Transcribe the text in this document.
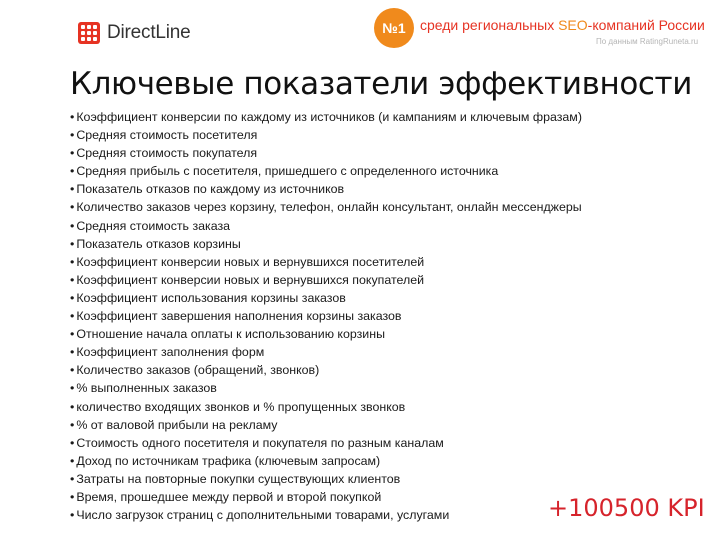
DirectLine	№1	среди региональных SEO-компаний России
По данным RatingRuneta.ru
Ключевые показатели эффективности
• Коэффициент конверсии по каждому из источников (и кампаниям и ключевым фразам)
• Средняя стоимость посетителя
• Средняя стоимость покупателя
• Средняя прибыль с посетителя, пришедшего с определенного источника
• Показатель отказов по каждому из источников
• Количество заказов через корзину, телефон, онлайн консультант, онлайн мессенджеры
• Средняя стоимость заказа
• Показатель отказов корзины
• Коэффициент конверсии новых и вернувшихся посетителей
• Коэффициент конверсии новых и вернувшихся покупателей
• Коэффициент использования корзины заказов
• Коэффициент завершения наполнения корзины заказов
• Отношение начала оплаты к использованию корзины
• Коэффициент заполнения форм
• Количество заказов (обращений, звонков)
• % выполненных заказов
• количество входящих звонков и % пропущенных звонков
• % от валовой прибыли на рекламу
• Стоимость одного посетителя и покупателя по разным каналам
• Доход по источникам трафика (ключевым запросам)
• Затраты на повторные покупки существующих клиентов
• Время, прошедшее между первой и второй покупкой
• Число загрузок страниц с дополнительными товарами, услугами	+100500 KPI
